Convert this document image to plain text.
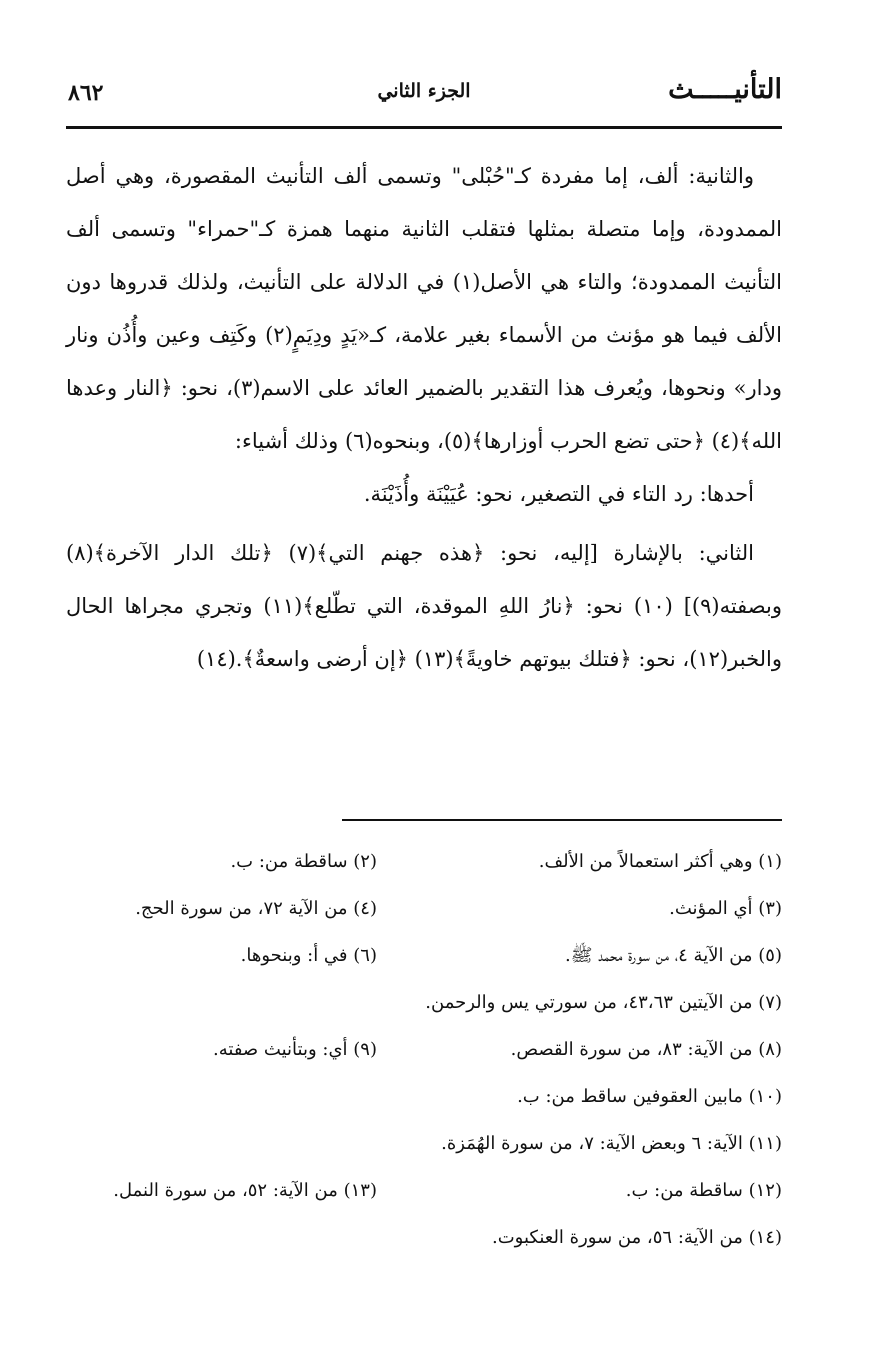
التأنيـــــث
الجزء الثاني
٨٦٢

والثانية: ألف، إما مفردة كـ"حُبْلى" وتسمى ألف التأنيث المقصورة، وهي أصل الممدودة، وإما متصلة بمثلها فتقلب الثانية منهما همزة كـ"حمراء" وتسمى ألف التأنيث الممدودة؛ والتاء هي الأصل(١) في الدلالة على التأنيث، ولذلك قدروها دون الألف فيما هو مؤنث من الأسماء بغير علامة، كـ«يَدٍ ودِيَمٍ(٢) وكَتِف وعين وأُذُن ونار ودار» ونحوها، ويُعرف هذا التقدير بالضمير العائد على الاسم(٣)، نحو: ﴿النار وعدها الله﴾(٤) ﴿حتى تضع الحرب أوزارها﴾(٥)، وبنحوه(٦) وذلك أشياء:

أحدها: رد التاء في التصغير، نحو: عُيَيْنَة وأُذَيْنَة.

الثاني: بالإشارة [إليه، نحو: ﴿هذه جهنم التي﴾(٧) ﴿تلك الدار الآخرة﴾(٨) وبصفته(٩)] (١٠) نحو: ﴿نارُ اللهِ الموقدة، التي تطّلع﴾(١١) وتجري مجراها الحال والخبر(١٢)، نحو: ﴿فتلك بيوتهم خاويةً﴾(١٣) ﴿إن أرضى واسعةٌ﴾.(١٤)

(١) وهي أكثر استعمالاً من الألف.
(٢) ساقطة من: ب.
(٣) أي المؤنث.
(٤) من الآية ٧٢، من سورة الحج.
(٥) من الآية ٤، من سورة محمد ﷺ.
(٦) في أ: وبنحوها.
(٧) من الآيتين ٤٣،٦٣، من سورتي يس والرحمن.
(٨) من الآية: ٨٣، من سورة القصص.
(٩) أي: وبتأنيث صفته.
(١٠) مابين العقوفين ساقط من: ب.
(١١) الآية: ٦ وبعض الآية: ٧، من سورة الهُمَزة.
(١٢) ساقطة من: ب.
(١٣) من الآية: ٥٢، من سورة النمل.
(١٤) من الآية: ٥٦، من سورة العنكبوت.
